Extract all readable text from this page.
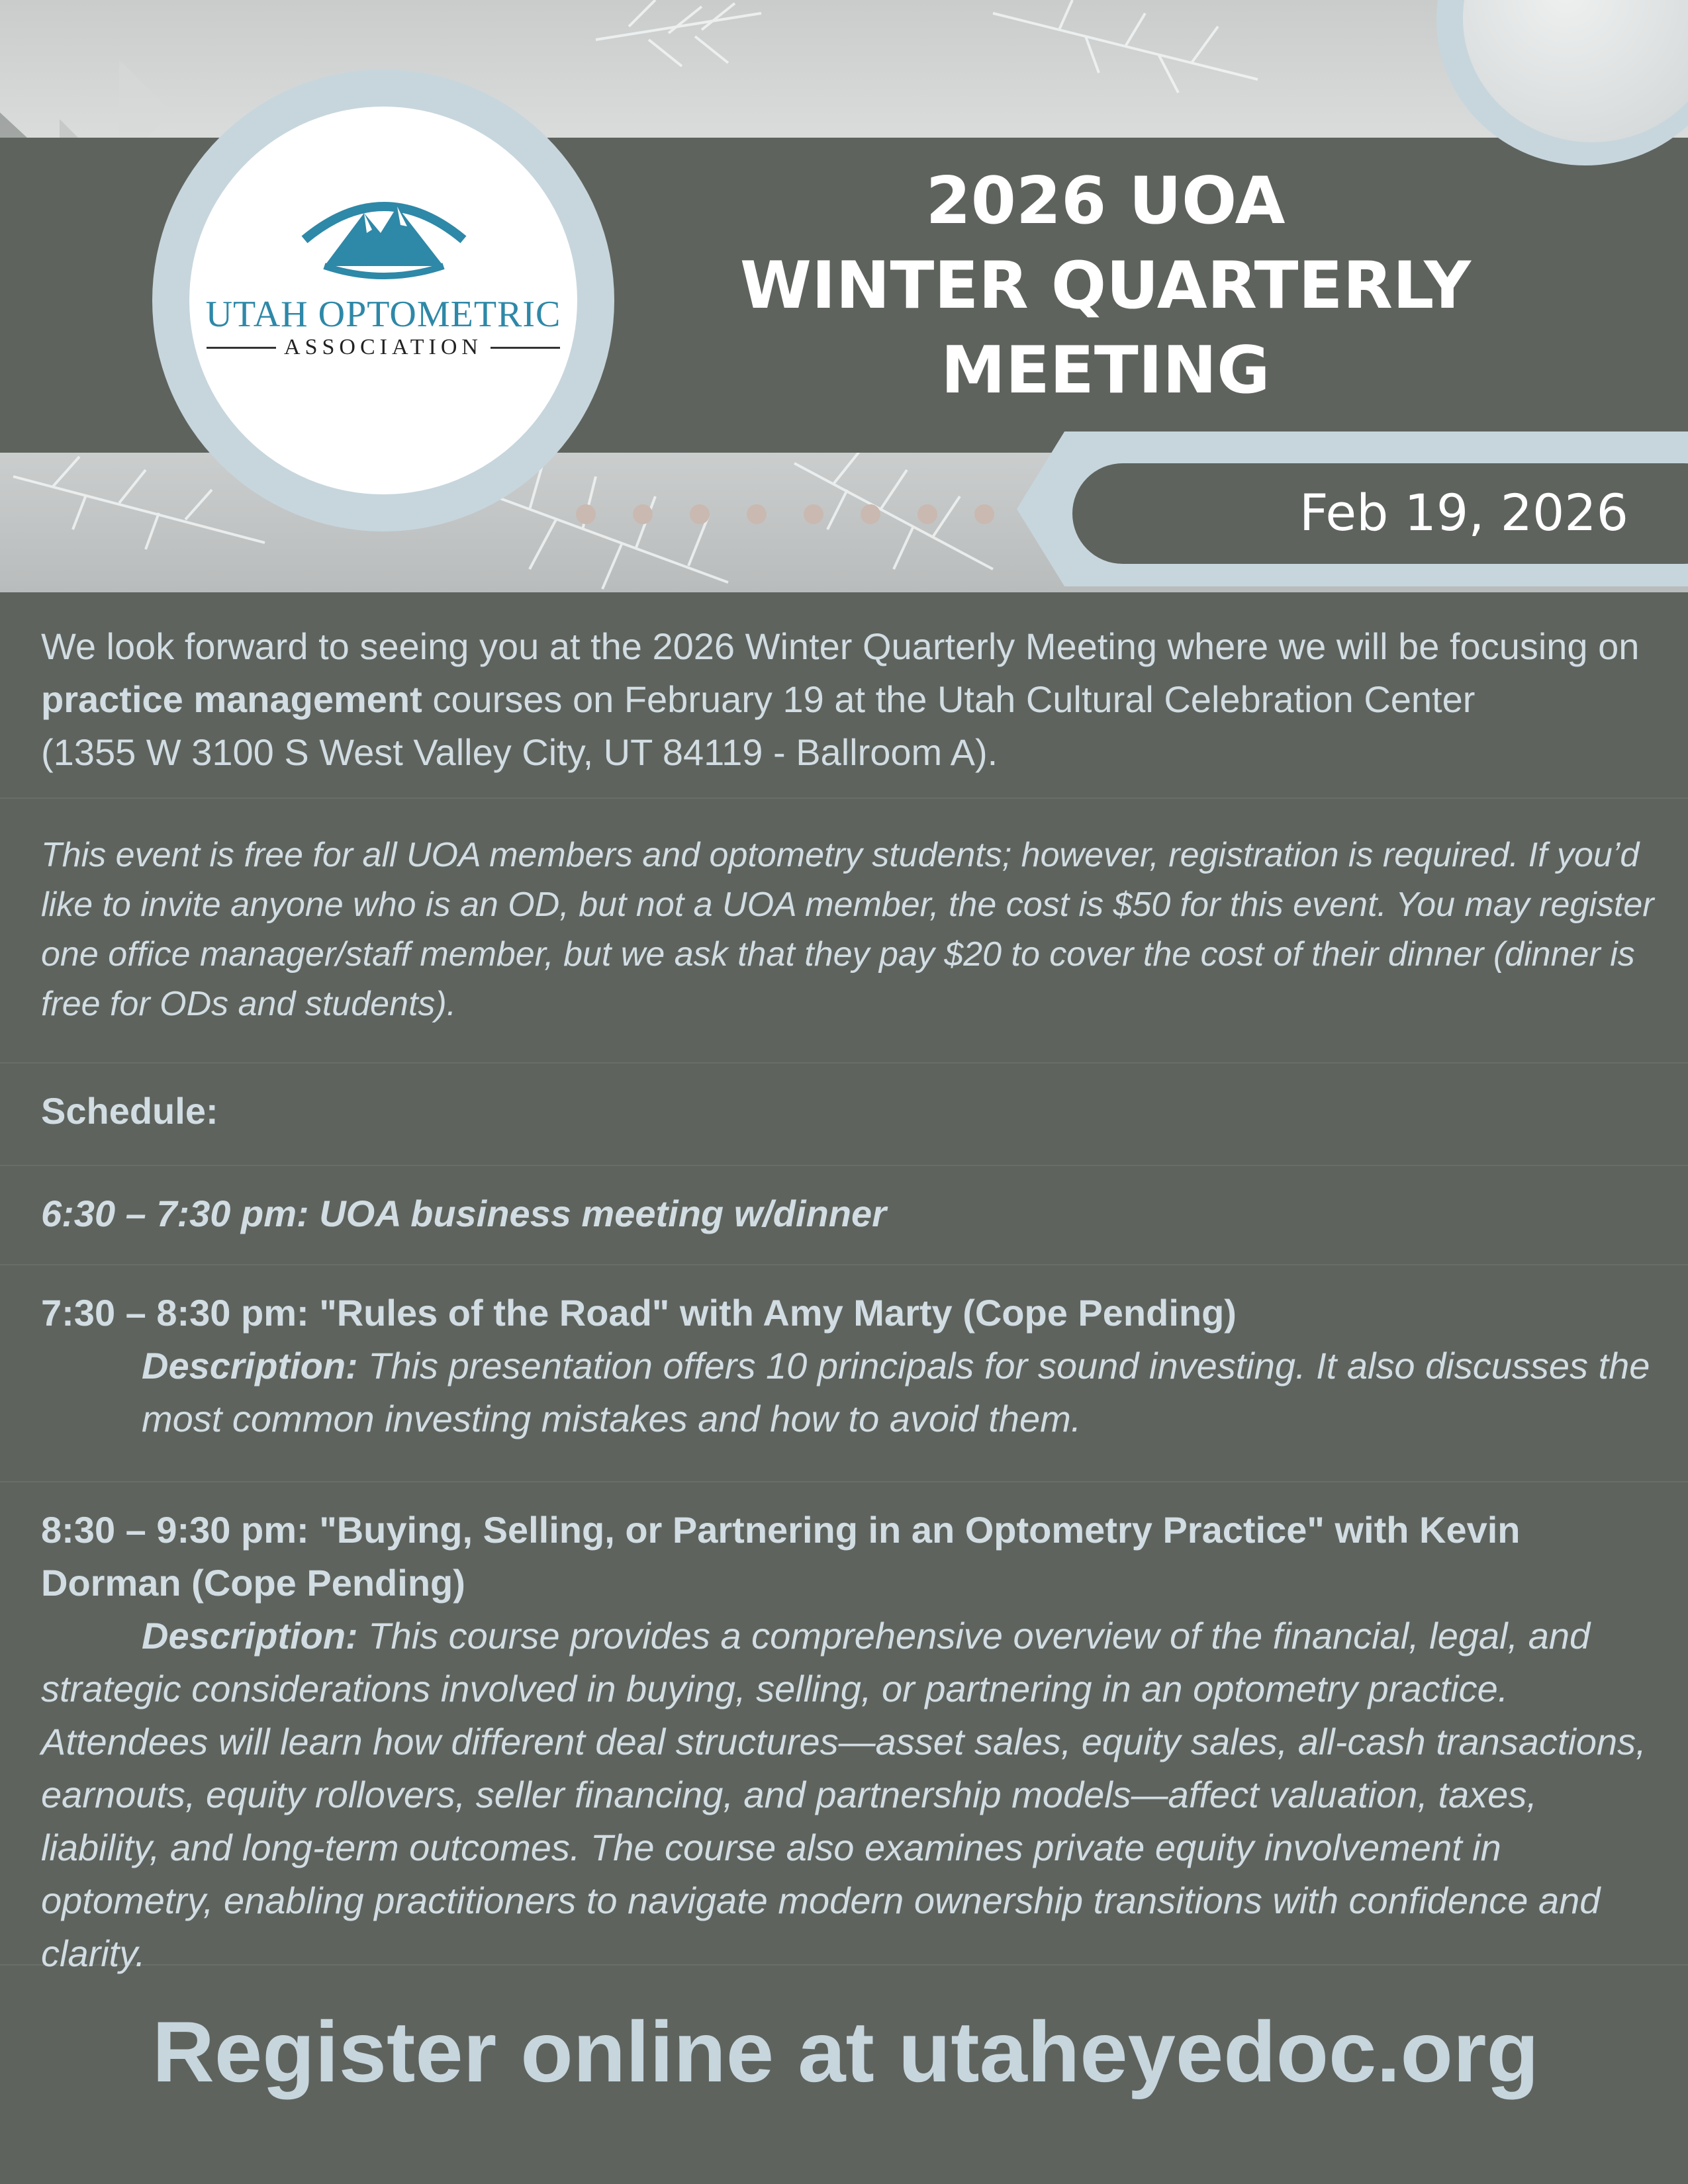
UTAH OPTOMETRIC
ASSOCIATION
2026 UOA
WINTER QUARTERLY
MEETING
Feb 19, 2026
We look forward to seeing you at the 2026 Winter Quarterly Meeting where we will be focusing on
practice management courses on February 19 at the Utah Cultural Celebration Center
(1355 W 3100 S West Valley City, UT 84119 - Ballroom A).
This event is free for all UOA members and optometry students; however, registration is required. If you’d like to invite anyone who is an OD, but not a UOA member, the cost is $50 for this event. You may register one office manager/staff member, but we ask that they pay $20 to cover the cost of their dinner (dinner is free for ODs and students).
Schedule:
6:30 – 7:30 pm: UOA business meeting w/dinner
7:30 – 8:30 pm: "Rules of the Road" with Amy Marty (Cope Pending)
Description: This presentation offers 10 principals for sound investing. It also discusses the most common investing mistakes and how to avoid them.
8:30 – 9:30 pm: "Buying, Selling, or Partnering in an Optometry Practice" with Kevin Dorman (Cope Pending)
Description: This course provides a comprehensive overview of the financial, legal, and strategic considerations involved in buying, selling, or partnering in an optometry practice. Attendees will learn how different deal structures—asset sales, equity sales, all-cash transactions, earnouts, equity rollovers, seller financing, and partnership models—affect valuation, taxes, liability, and long-term outcomes. The course also examines private equity involvement in optometry, enabling practitioners to navigate modern ownership transitions with confidence and clarity.
Register online at utaheyedoc.org
